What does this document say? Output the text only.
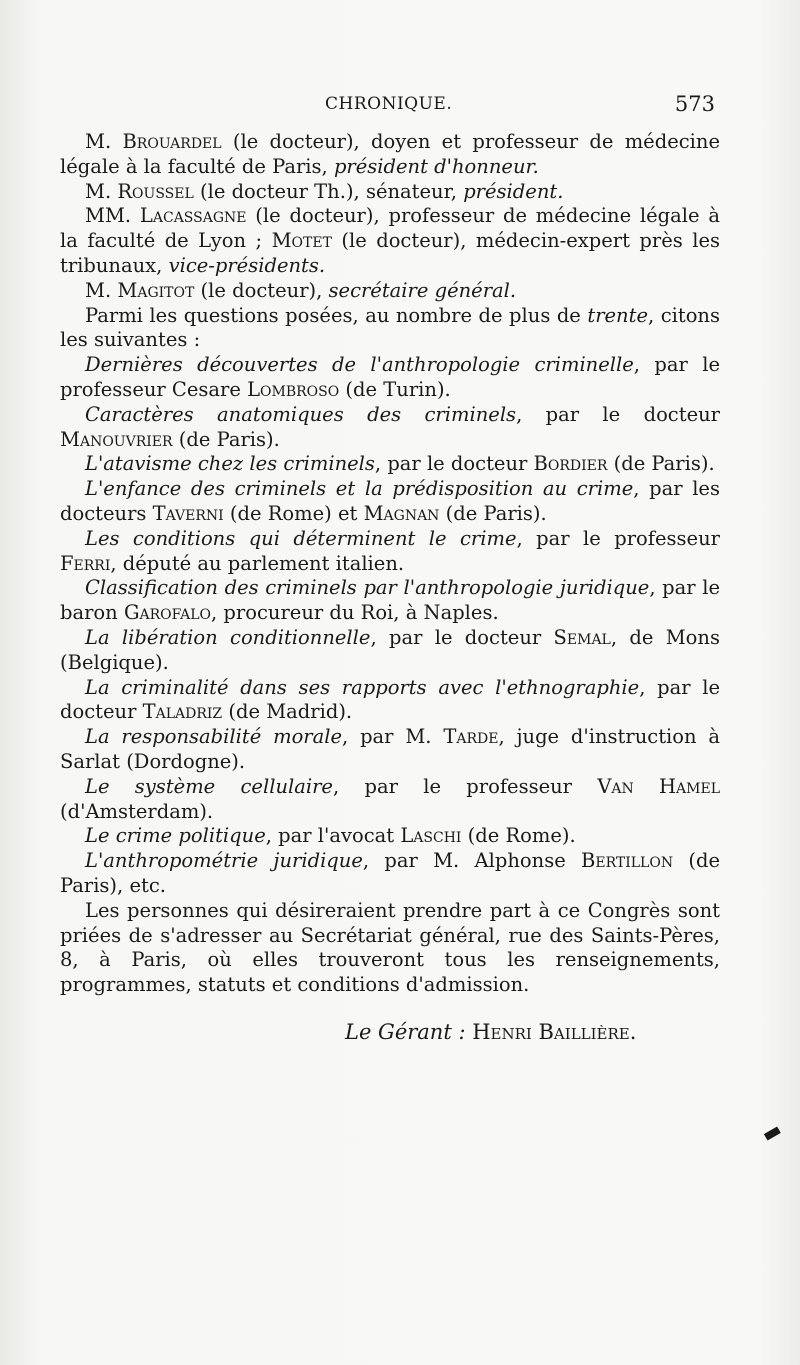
CHRONIQUE.	573

M. Brouardel (le docteur), doyen et professeur de médecine légale à la faculté de Paris, président d'honneur.

M. Roussel (le docteur Th.), sénateur, président.

MM. Lacassagne (le docteur), professeur de médecine légale à la faculté de Lyon ; Motet (le docteur), médecin-expert près les tribunaux, vice-présidents.

M. Magitot (le docteur), secrétaire général.

Parmi les questions posées, au nombre de plus de trente, citons les suivantes :

Dernières découvertes de l'anthropologie criminelle, par le professeur Cesare Lombroso (de Turin).

Caractères anatomiques des criminels, par le docteur Manouvrier (de Paris).

L'atavisme chez les criminels, par le docteur Bordier (de Paris).

L'enfance des criminels et la prédisposition au crime, par les docteurs Taverni (de Rome) et Magnan (de Paris).

Les conditions qui déterminent le crime, par le professeur Ferri, député au parlement italien.

Classification des criminels par l'anthropologie juridique, par le baron Garofalo, procureur du Roi, à Naples.

La libération conditionnelle, par le docteur Semal, de Mons (Belgique).

La criminalité dans ses rapports avec l'ethnographie, par le docteur Taladriz (de Madrid).

La responsabilité morale, par M. Tarde, juge d'instruction à Sarlat (Dordogne).

Le système cellulaire, par le professeur Van Hamel (d'Amsterdam).

Le crime politique, par l'avocat Laschi (de Rome).

L'anthropométrie juridique, par M. Alphonse Bertillon (de Paris), etc.

Les personnes qui désireraient prendre part à ce Congrès sont priées de s'adresser au Secrétariat général, rue des Saints-Pères, 8, à Paris, où elles trouveront tous les renseignements, programmes, statuts et conditions d'admission.

Le Gérant : Henri Baillière.
▬
